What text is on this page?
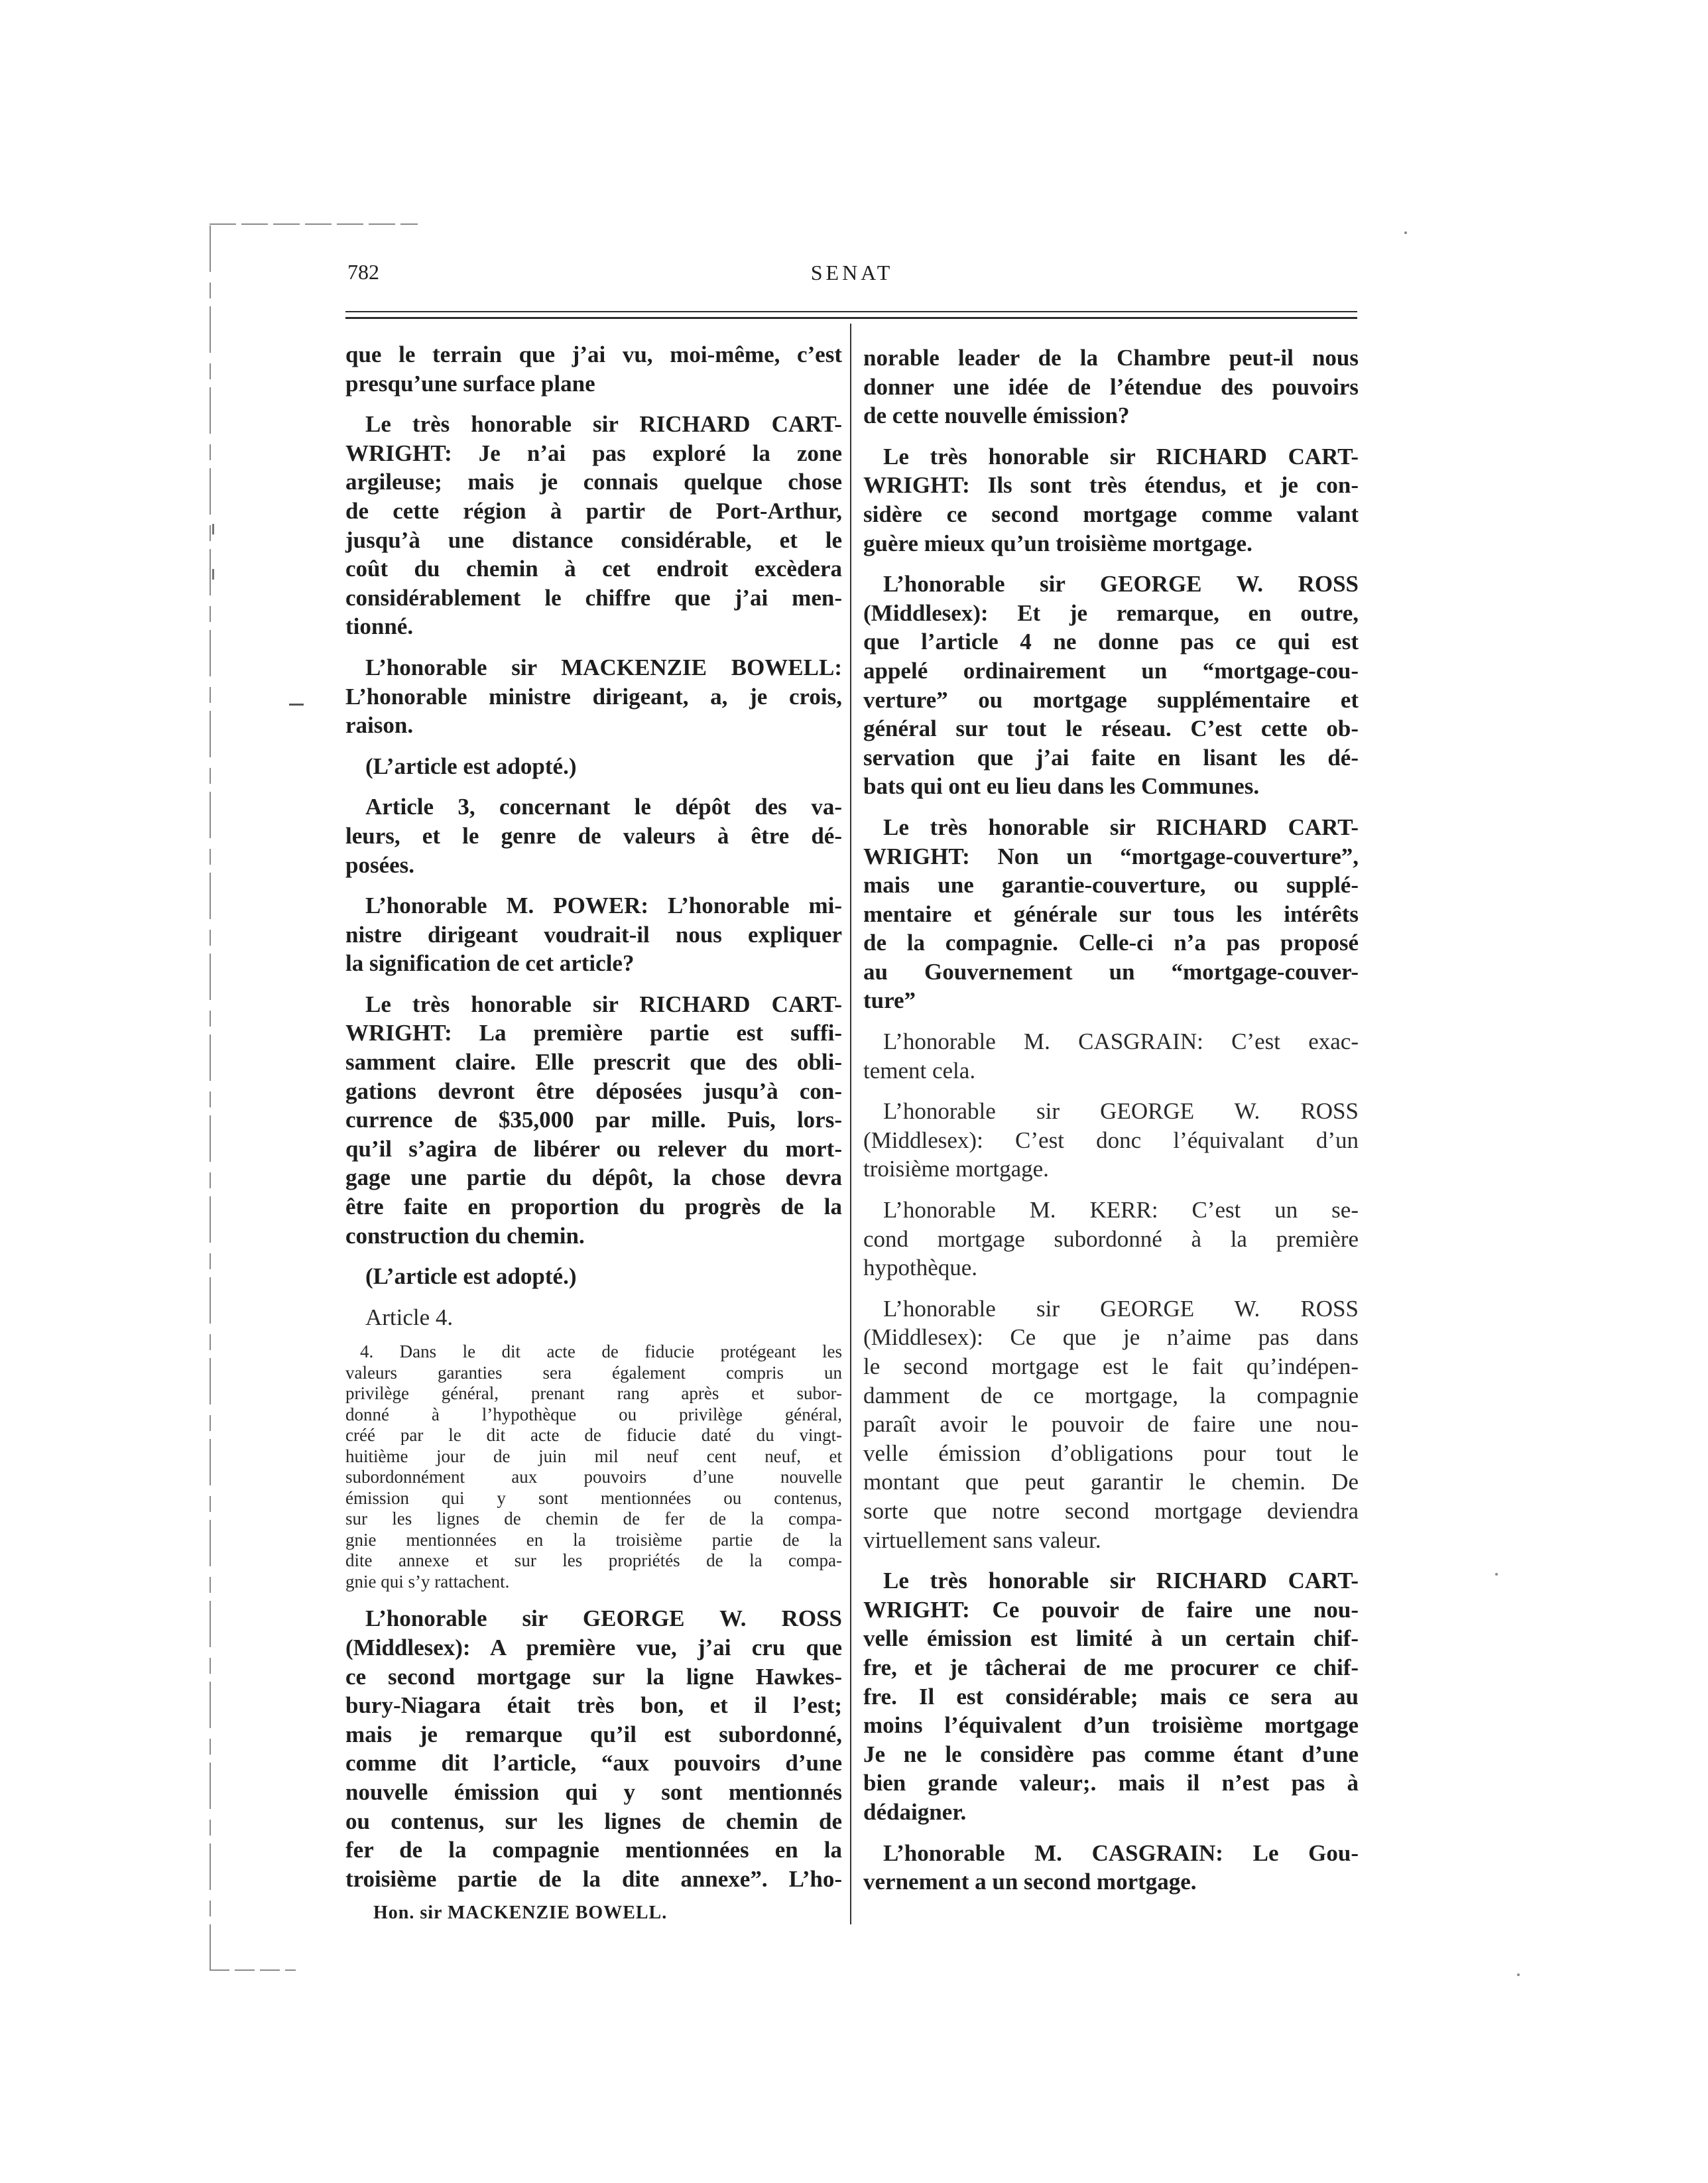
782	SENAT
que le terrain que j’ai vu, moi-même, c’est
presqu’une surface plane
Le très honorable sir RICHARD CART-
WRIGHT: Je n’ai pas exploré la zone
argileuse; mais je connais quelque chose
de cette région à partir de Port-Arthur,
jusqu’à une distance considérable, et le
coût du chemin à cet endroit excèdera
considérablement le chiffre que j’ai men-
tionné.
L’honorable sir MACKENZIE BOWELL:
L’honorable ministre dirigeant, a, je crois,
raison.
(L’article est adopté.)
Article 3, concernant le dépôt des va-
leurs, et le genre de valeurs à être dé-
posées.
L’honorable M. POWER: L’honorable mi-
nistre dirigeant voudrait-il nous expliquer
la signification de cet article?
Le très honorable sir RICHARD CART-
WRIGHT: La première partie est suffi-
samment claire. Elle prescrit que des obli-
gations devront être déposées jusqu’à con-
currence de $35,000 par mille. Puis, lors-
qu’il s’agira de libérer ou relever du mort-
gage une partie du dépôt, la chose devra
être faite en proportion du progrès de la
construction du chemin.
(L’article est adopté.)
Article 4.
4. Dans le dit acte de fiducie protégeant les
valeurs garanties sera également compris un
privilège général, prenant rang après et subor-
donné à l’hypothèque ou privilège général,
créé par le dit acte de fiducie daté du vingt-
huitième jour de juin mil neuf cent neuf, et
subordonnément aux pouvoirs d’une nouvelle
émission qui y sont mentionnées ou contenus,
sur les lignes de chemin de fer de la compa-
gnie mentionnées en la troisième partie de la
dite annexe et sur les propriétés de la compa-
gnie qui s’y rattachent.
L’honorable sir GEORGE W. ROSS
(Middlesex): A première vue, j’ai cru que
ce second mortgage sur la ligne Hawkes-
bury-Niagara était très bon, et il l’est;
mais je remarque qu’il est subordonné,
comme dit l’article, “aux pouvoirs d’une
nouvelle émission qui y sont mentionnés
ou contenus, sur les lignes de chemin de
fer de la compagnie mentionnées en la
troisième partie de la dite annexe”. L’ho-
Hon. sir MACKENZIE BOWELL.
norable leader de la Chambre peut-il nous
donner une idée de l’étendue des pouvoirs
de cette nouvelle émission?
Le très honorable sir RICHARD CART-
WRIGHT: Ils sont très étendus, et je con-
sidère ce second mortgage comme valant
guère mieux qu’un troisième mortgage.
L’honorable sir GEORGE W. ROSS
(Middlesex): Et je remarque, en outre,
que l’article 4 ne donne pas ce qui est
appelé ordinairement un “mortgage-cou-
verture” ou mortgage supplémentaire et
général sur tout le réseau. C’est cette ob-
servation que j’ai faite en lisant les dé-
bats qui ont eu lieu dans les Communes.
Le très honorable sir RICHARD CART-
WRIGHT: Non un “mortgage-couverture”,
mais une garantie-couverture, ou supplé-
mentaire et générale sur tous les intérêts
de la compagnie. Celle-ci n’a pas proposé
au Gouvernement un “mortgage-couver-
ture”
L’honorable M. CASGRAIN: C’est exac-
tement cela.
L’honorable sir GEORGE W. ROSS
(Middlesex): C’est donc l’équivalant d’un
troisième mortgage.
L’honorable M. KERR: C’est un se-
cond mortgage subordonné à la première
hypothèque.
L’honorable sir GEORGE W. ROSS
(Middlesex): Ce que je n’aime pas dans
le second mortgage est le fait qu’indépen-
damment de ce mortgage, la compagnie
paraît avoir le pouvoir de faire une nou-
velle émission d’obligations pour tout le
montant que peut garantir le chemin. De
sorte que notre second mortgage deviendra
virtuellement sans valeur.
Le très honorable sir RICHARD CART-
WRIGHT: Ce pouvoir de faire une nou-
velle émission est limité à un certain chif-
fre, et je tâcherai de me procurer ce chif-
fre. Il est considérable; mais ce sera au
moins l’équivalent d’un troisième mortgage
Je ne le considère pas comme étant d’une
bien grande valeur;. mais il n’est pas à
dédaigner.
L’honorable M. CASGRAIN: Le Gou-
vernement a un second mortgage.
